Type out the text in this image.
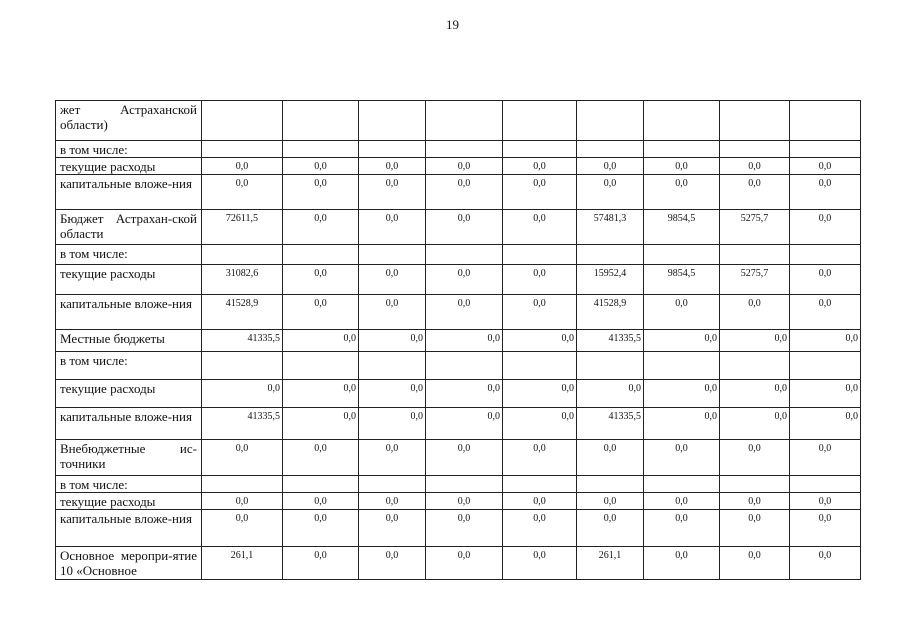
19
жет Астраханской области)									
в том числе:									
текущие расходы	0,0	0,0	0,0	0,0	0,0	0,0	0,0	0,0	0,0
капитальные вложе-ния	0,0	0,0	0,0	0,0	0,0	0,0	0,0	0,0	0,0
Бюджет Астрахан-ской области	72611,5	0,0	0,0	0,0	0,0	57481,3	9854,5	5275,7	0,0
в том числе:									
текущие расходы	31082,6	0,0	0,0	0,0	0,0	15952,4	9854,5	5275,7	0,0
капитальные вложе-ния	41528,9	0,0	0,0	0,0	0,0	41528,9	0,0	0,0	0,0
Местные бюджеты	41335,5	0,0	0,0	0,0	0,0	41335,5	0,0	0,0	0,0
в том числе:									
текущие расходы	0,0	0,0	0,0	0,0	0,0	0,0	0,0	0,0	0,0
капитальные вложе-ния	41335,5	0,0	0,0	0,0	0,0	41335,5	0,0	0,0	0,0
Внебюджетные ис-точники	0,0	0,0	0,0	0,0	0,0	0,0	0,0	0,0	0,0
в том числе:									
текущие расходы	0,0	0,0	0,0	0,0	0,0	0,0	0,0	0,0	0,0
капитальные вложе-ния	0,0	0,0	0,0	0,0	0,0	0,0	0,0	0,0	0,0
Основное меропри-ятие 10 «Основное	261,1	0,0	0,0	0,0	0,0	261,1	0,0	0,0	0,0
